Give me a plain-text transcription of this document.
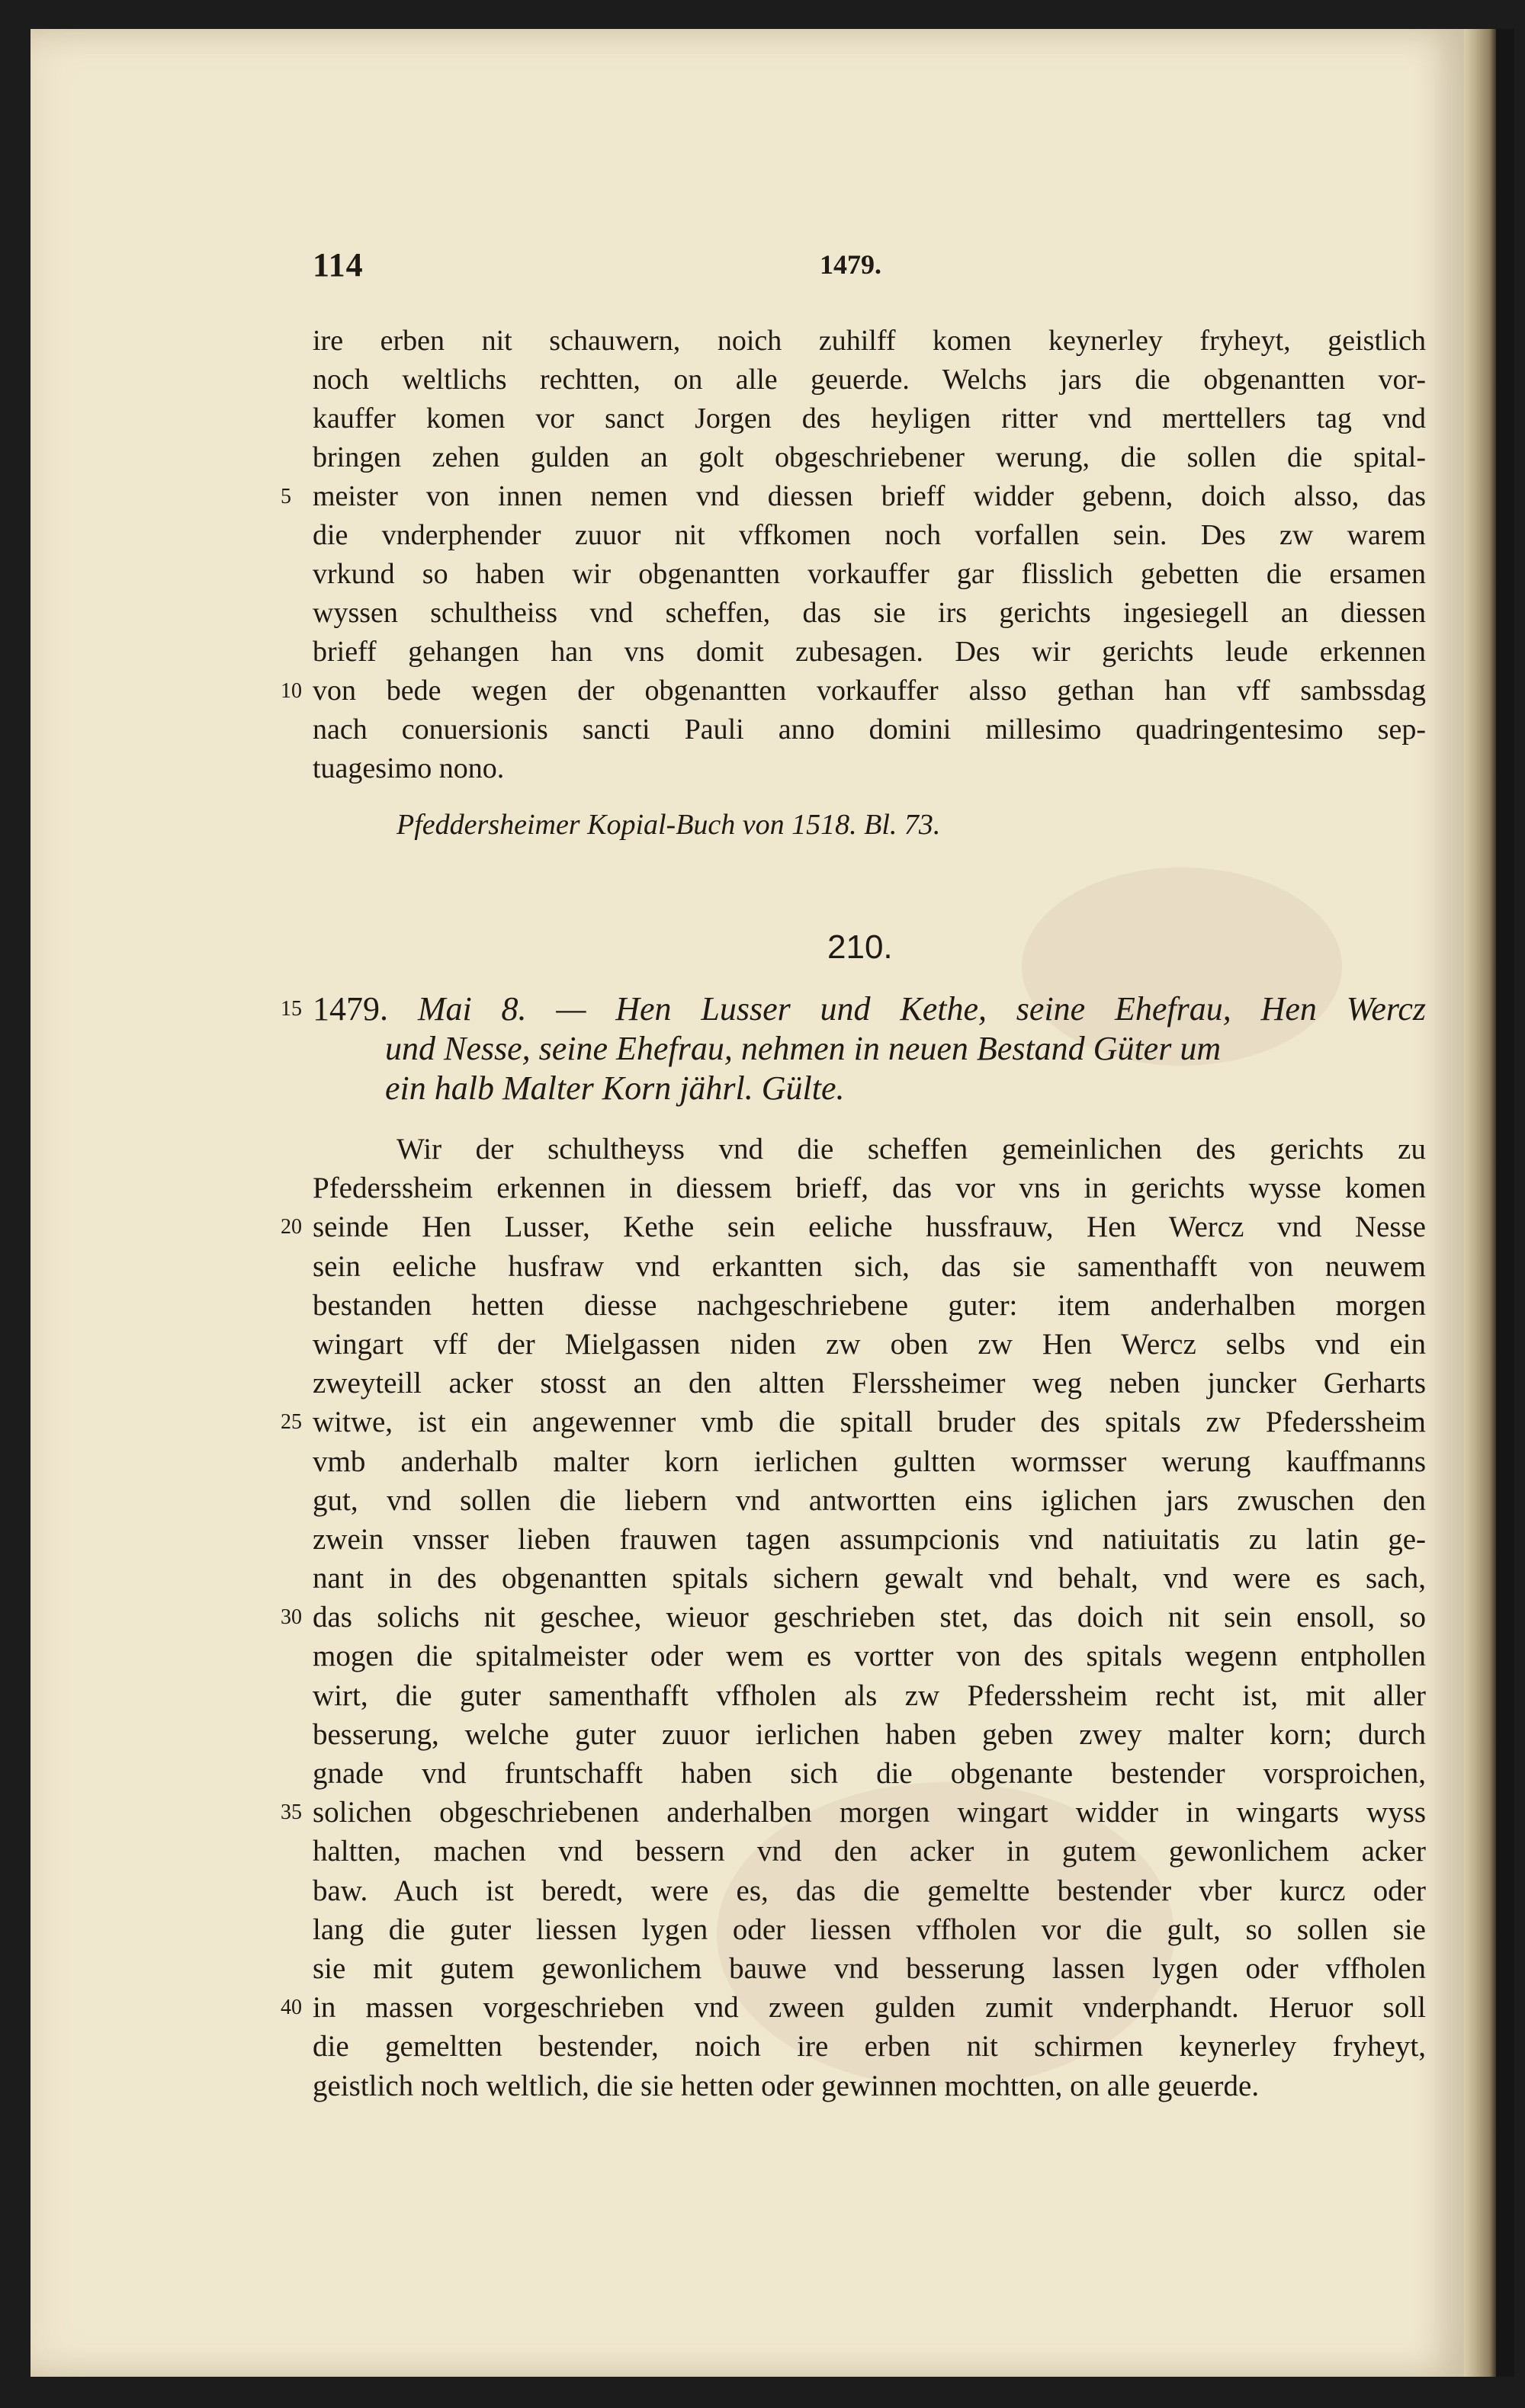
114	1479.
ire erben nit schauwern, noich zuhilff komen keynerley fryheyt, geistlich
noch weltlichs rechtten, on alle geuerde. Welchs jars die obgenantten vor-
kauffer komen vor sanct Jorgen des heyligen ritter vnd merttellers tag vnd
bringen zehen gulden an golt obgeschriebener werung, die sollen die spital-
5 meister von innen nemen vnd diessen brieff widder gebenn, doich alsso, das
die vnderphender zuuor nit vffkomen noch vorfallen sein. Des zw warem
vrkund so haben wir obgenantten vorkauffer gar flisslich gebetten die ersamen
wyssen schultheiss vnd scheffen, das sie irs gerichts ingesiegell an diessen
brieff gehangen han vns domit zubesagen. Des wir gerichts leude erkennen
10 von bede wegen der obgenantten vorkauffer alsso gethan han vff sambssdag
nach conuersionis sancti Pauli anno domini millesimo quadringentesimo sep-
tuagesimo nono.
Pfeddersheimer Kopial-Buch von 1518. Bl. 73.
210.
15 1479. Mai 8. — Hen Lusser und Kethe, seine Ehefrau, Hen Wercz
und Nesse, seine Ehefrau, nehmen in neuen Bestand Güter um
ein halb Malter Korn jährl. Gülte.
Wir der schultheyss vnd die scheffen gemeinlichen des gerichts zu
Pfederssheim erkennen in diessem brieff, das vor vns in gerichts wysse komen
20 seinde Hen Lusser, Kethe sein eeliche hussfrauw, Hen Wercz vnd Nesse
sein eeliche husfraw vnd erkantten sich, das sie samenthafft von neuwem
bestanden hetten diesse nachgeschriebene guter: item anderhalben morgen
wingart vff der Mielgassen niden zw oben zw Hen Wercz selbs vnd ein
zweyteill acker stosst an den altten Flerssheimer weg neben juncker Gerharts
25 witwe, ist ein angewenner vmb die spitall bruder des spitals zw Pfederssheim
vmb anderhalb malter korn ierlichen gultten wormsser werung kauffmanns
gut, vnd sollen die liebern vnd antwortten eins iglichen jars zwuschen den
zwein vnsser lieben frauwen tagen assumpcionis vnd natiuitatis zu latin ge-
nant in des obgenantten spitals sichern gewalt vnd behalt, vnd were es sach,
30 das solichs nit geschee, wieuor geschrieben stet, das doich nit sein ensoll, so
mogen die spitalmeister oder wem es vortter von des spitals wegenn entphollen
wirt, die guter samenthafft vffholen als zw Pfederssheim recht ist, mit aller
besserung, welche guter zuuor ierlichen haben geben zwey malter korn; durch
gnade vnd fruntschafft haben sich die obgenante bestender vorsproichen,
35 solichen obgeschriebenen anderhalben morgen wingart widder in wingarts wyss
haltten, machen vnd bessern vnd den acker in gutem gewonlichem acker
baw. Auch ist beredt, were es, das die gemeltte bestender vber kurcz oder
lang die guter liessen lygen oder liessen vffholen vor die gult, so sollen sie
sie mit gutem gewonlichem bauwe vnd besserung lassen lygen oder vffholen
40 in massen vorgeschrieben vnd zween gulden zumit vnderphandt. Heruor soll
die gemeltten bestender, noich ire erben nit schirmen keynerley fryheyt,
geistlich noch weltlich, die sie hetten oder gewinnen mochtten, on alle geuerde.
